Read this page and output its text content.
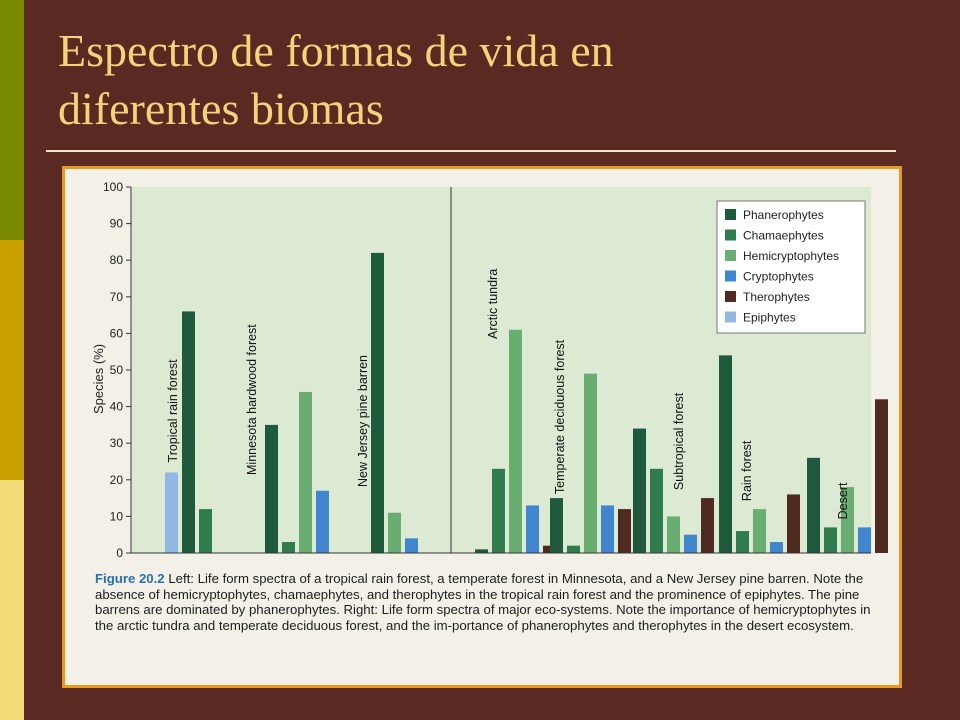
Espectro de formas de vida en
diferentes biomas
0
10
20
30
40
50
60
70
80
90
100
Tropical rain forest	Minnesota hardwood forest	New Jersey pine barren
Arctic tundra
Temperate deciduous forest	Subtropical forest	Rain forest	Desert
Species (%)
Phanerophytes
Chamaephytes
Hemicryptophytes
Cryptophytes
Therophytes
Epiphytes
Figure 20.2 Left: Life form spectra of a tropical rain forest, a temperate forest in Minnesota, and a New Jersey pine barren. Note the absence of hemicryptophytes, chamaephytes, and therophytes in the tropical rain forest and the prominence of epiphytes. The pine barrens are dominated by phanerophytes. Right: Life form spectra of major eco-systems. Note the importance of hemicryptophytes in the arctic tundra and temperate deciduous forest, and the im-portance of phanerophytes and therophytes in the desert ecosystem.
